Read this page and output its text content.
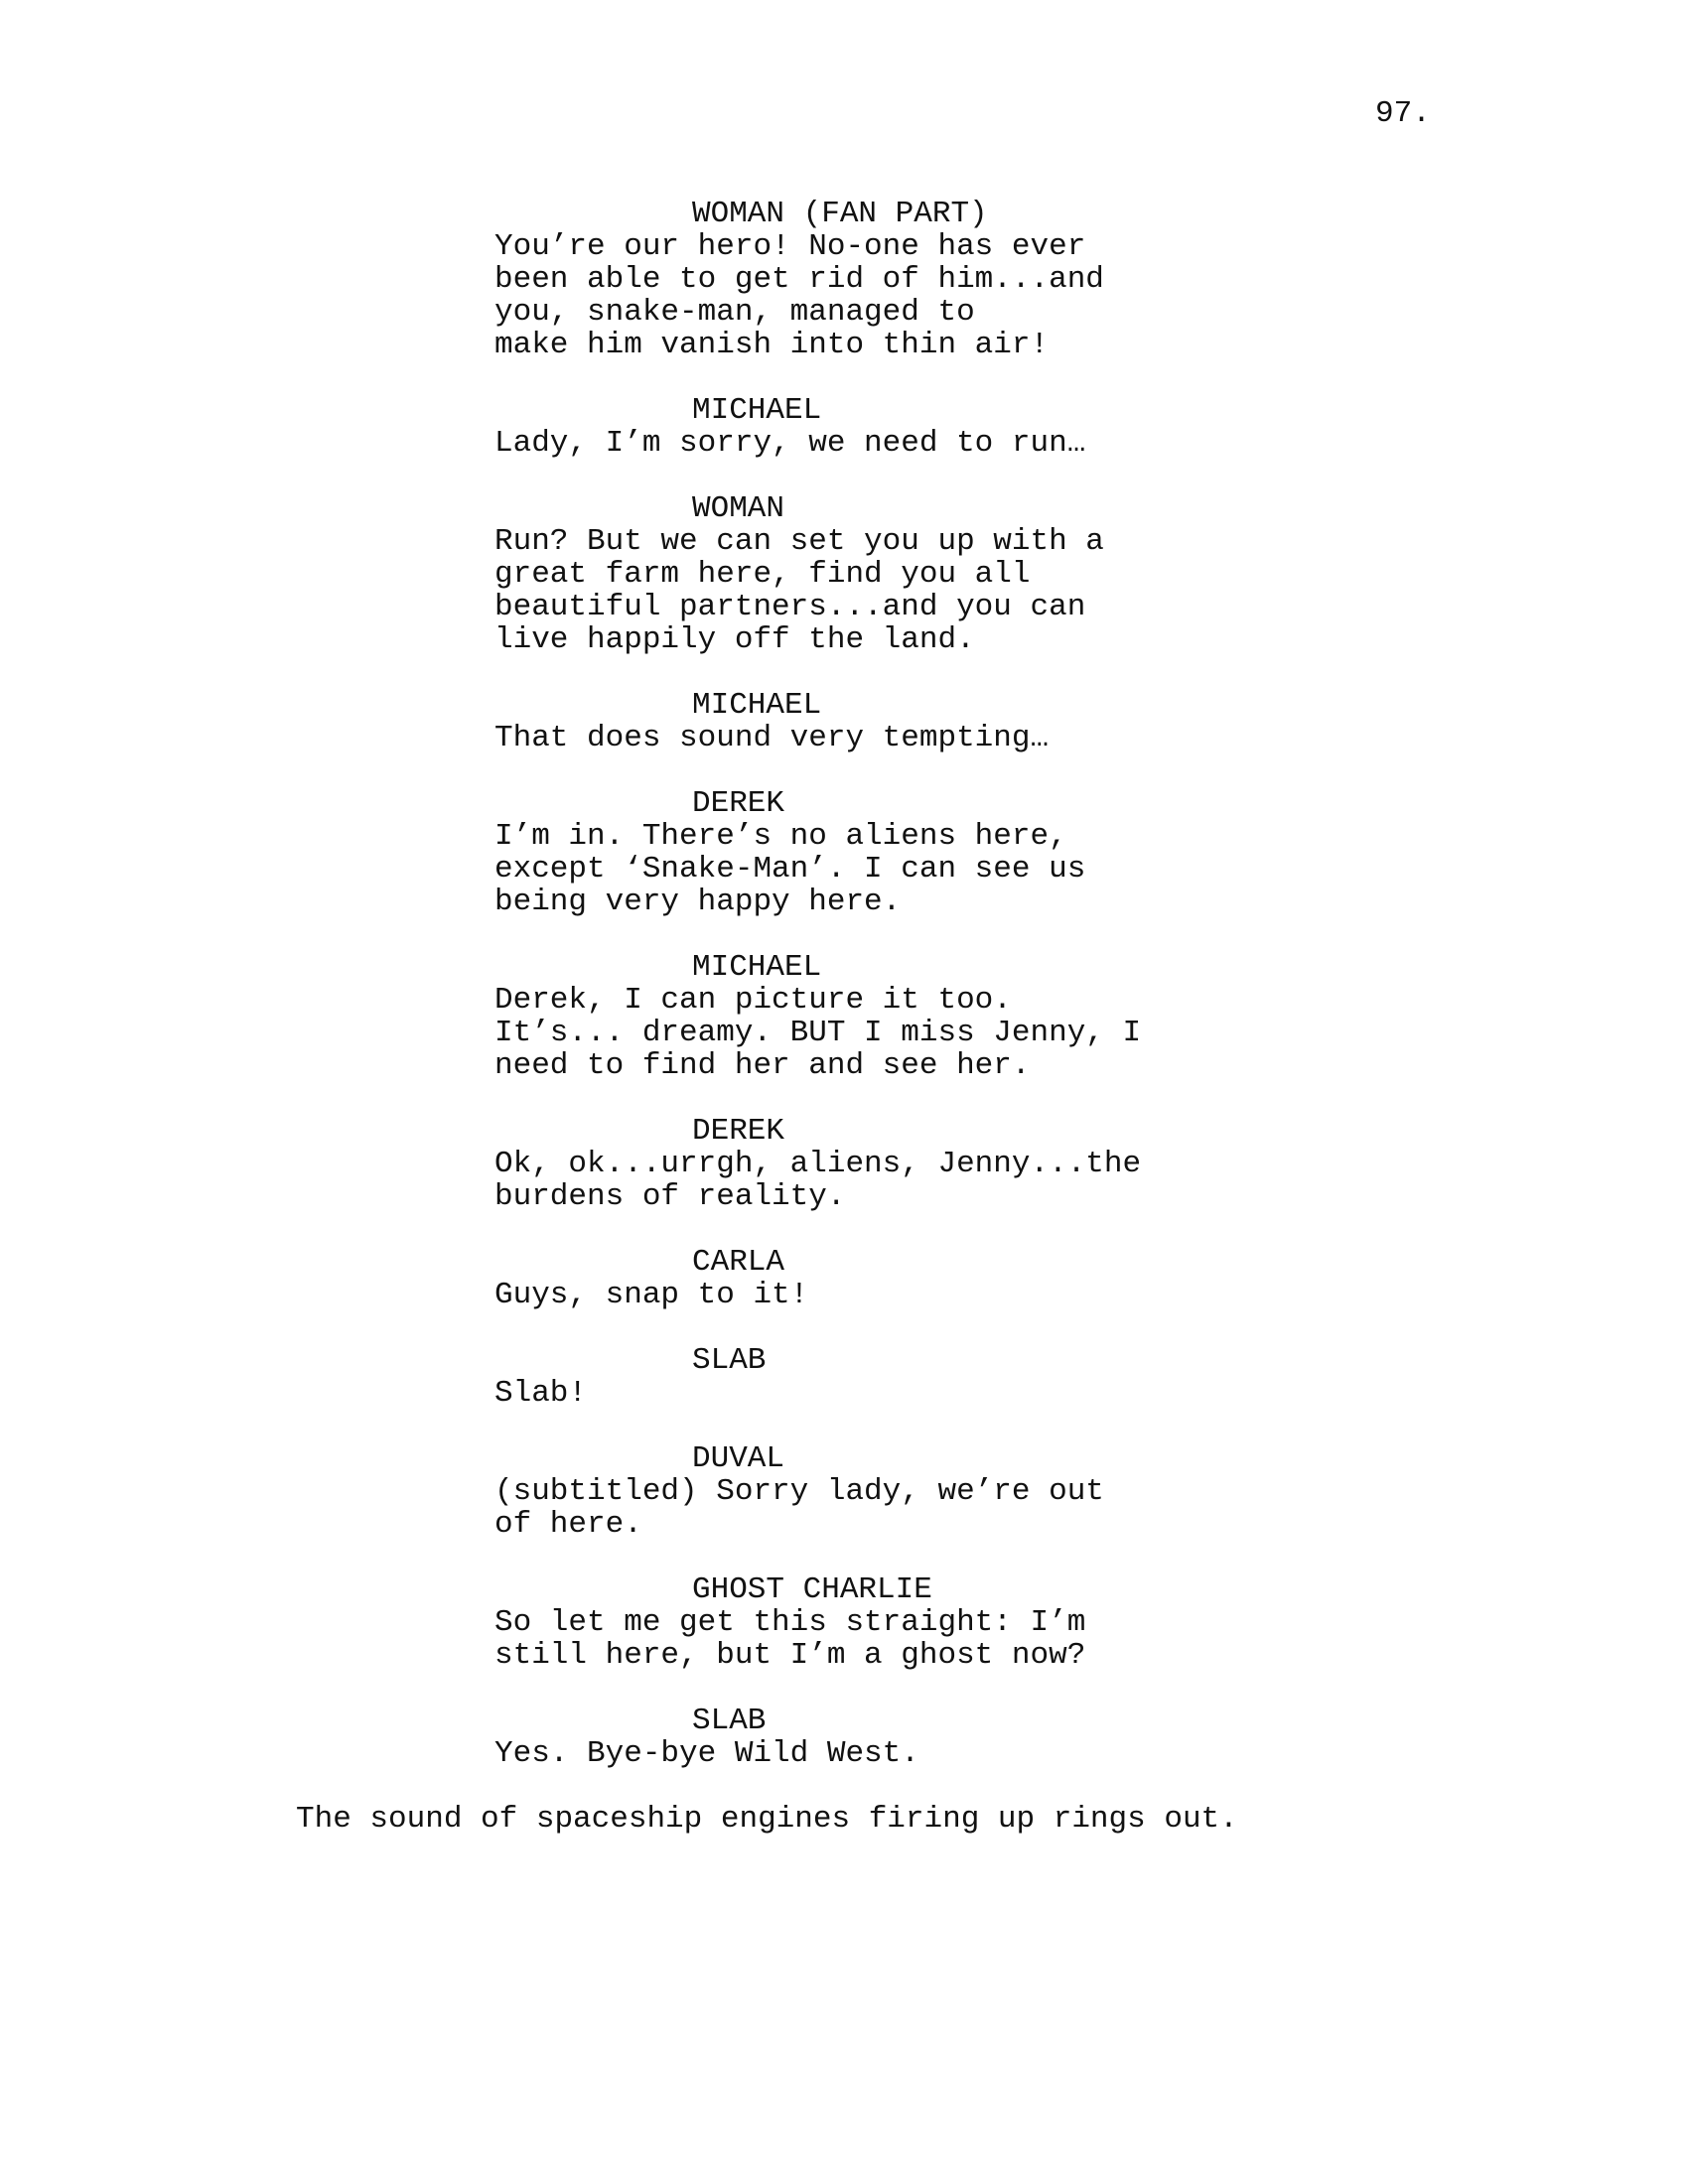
97.
WOMAN (FAN PART)
You’re our hero! No-one has ever
been able to get rid of him...and
you, snake-man, managed to
make him vanish into thin air!
MICHAEL
Lady, I’m sorry, we need to run…
WOMAN
Run? But we can set you up with a
great farm here, find you all
beautiful partners...and you can
live happily off the land.
MICHAEL
That does sound very tempting…
DEREK
I’m in. There’s no aliens here,
except ‘Snake-Man’. I can see us
being very happy here.
MICHAEL
Derek, I can picture it too.
It’s... dreamy. BUT I miss Jenny, I
need to find her and see her.
DEREK
Ok, ok...urrgh, aliens, Jenny...the
burdens of reality.
CARLA
Guys, snap to it!
SLAB
Slab!
DUVAL
(subtitled) Sorry lady, we’re out
of here.
GHOST CHARLIE
So let me get this straight: I’m
still here, but I’m a ghost now?
SLAB
Yes. Bye-bye Wild West.
The sound of spaceship engines firing up rings out.
